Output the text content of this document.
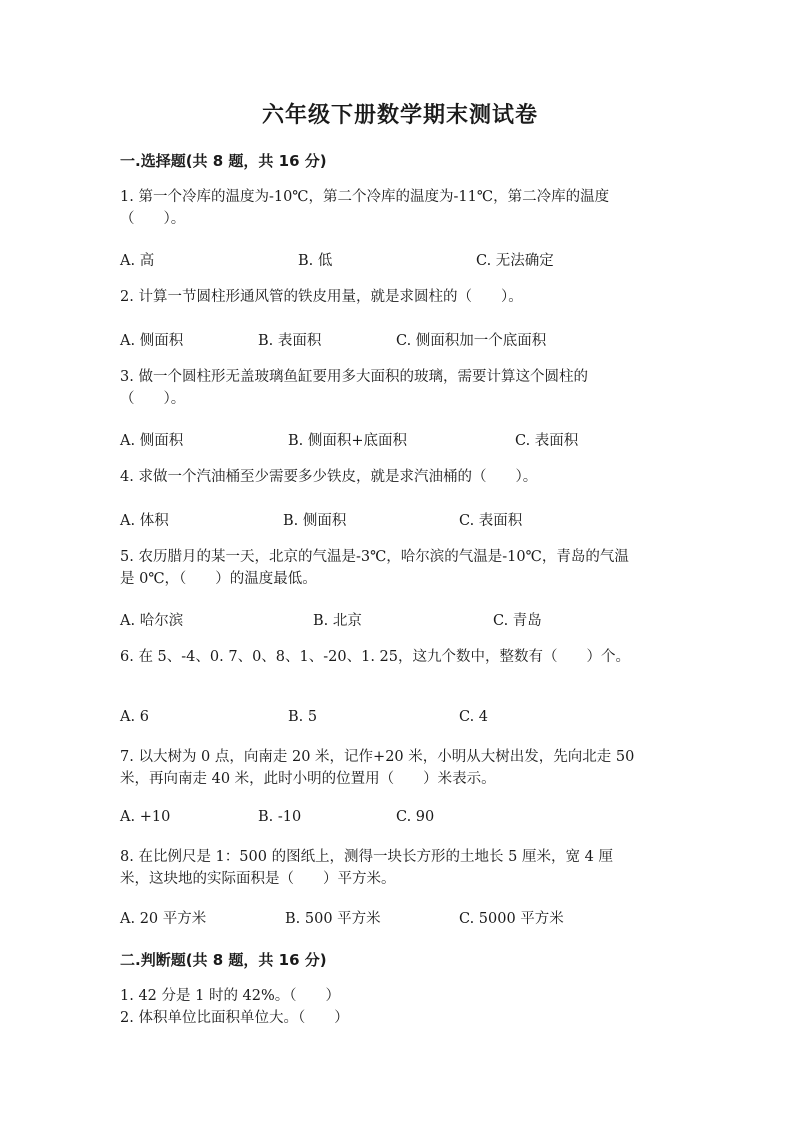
六年级下册数学期末测试卷
一.选择题(共 8 题，共 16 分)
1. 第一个冷库的温度为-10℃，第二个冷库的温度为-11℃，第二冷库的温度
（　　）。
A. 高	B. 低	C. 无法确定
2. 计算一节圆柱形通风管的铁皮用量，就是求圆柱的（　　）。
A. 侧面积	B. 表面积	C. 侧面积加一个底面积
3. 做一个圆柱形无盖玻璃鱼缸要用多大面积的玻璃，需要计算这个圆柱的
（　　）。
A. 侧面积	B. 侧面积+底面积	C. 表面积
4. 求做一个汽油桶至少需要多少铁皮，就是求汽油桶的（　　）。
A. 体积	B. 侧面积	C. 表面积
5. 农历腊月的某一天，北京的气温是-3℃，哈尔滨的气温是-10℃，青岛的气温
是 0℃，（　　）的温度最低。
A. 哈尔滨	B. 北京	C. 青岛
6. 在 5、-4、0. 7、0、8、1、-20、1. 25，这九个数中，整数有（　　）个。
A. 6	B. 5	C. 4
7. 以大树为 0 点，向南走 20 米，记作+20 米，小明从大树出发，先向北走 50
米，再向南走 40 米，此时小明的位置用（　　）米表示。
A. +10	B. -10	C. 90
8. 在比例尺是 1：500 的图纸上，测得一块长方形的土地长 5 厘米，宽 4 厘
米，这块地的实际面积是（　　）平方米。
A. 20 平方米	B. 500 平方米	C. 5000 平方米
二.判断题(共 8 题，共 16 分)
1. 42 分是 1 时的 42%。（　　）
2. 体积单位比面积单位大。（　　）
